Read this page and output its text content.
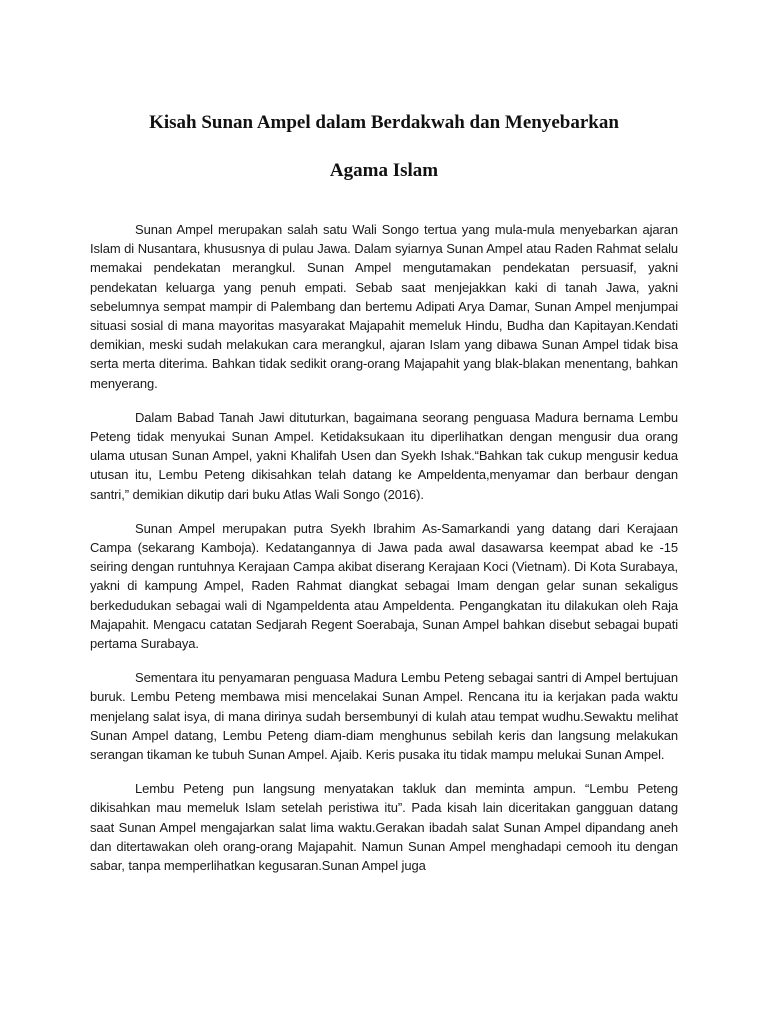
Kisah Sunan Ampel dalam Berdakwah dan Menyebarkan
Agama Islam

Sunan Ampel merupakan salah satu Wali Songo tertua yang mula-mula menyebarkan ajaran Islam di Nusantara, khususnya di pulau Jawa. Dalam syiarnya Sunan Ampel atau Raden Rahmat selalu memakai pendekatan merangkul. Sunan Ampel mengutamakan pendekatan persuasif, yakni pendekatan keluarga yang penuh empati. Sebab saat menjejakkan kaki di tanah Jawa, yakni sebelumnya sempat mampir di Palembang dan bertemu Adipati Arya Damar, Sunan Ampel menjumpai situasi sosial di mana mayoritas masyarakat Majapahit memeluk Hindu, Budha dan Kapitayan.Kendati demikian, meski sudah melakukan cara merangkul, ajaran Islam yang dibawa Sunan Ampel tidak bisa serta merta diterima. Bahkan tidak sedikit orang-orang Majapahit yang blak-blakan menentang, bahkan menyerang.

Dalam Babad Tanah Jawi dituturkan, bagaimana seorang penguasa Madura bernama Lembu Peteng tidak menyukai Sunan Ampel. Ketidaksukaan itu diperlihatkan dengan mengusir dua orang ulama utusan Sunan Ampel, yakni Khalifah Usen dan Syekh Ishak.“Bahkan tak cukup mengusir kedua utusan itu, Lembu Peteng dikisahkan telah datang ke Ampeldenta,menyamar dan berbaur dengan santri,” demikian dikutip dari buku Atlas Wali Songo (2016).

Sunan Ampel merupakan putra Syekh Ibrahim As-Samarkandi yang datang dari Kerajaan Campa (sekarang Kamboja). Kedatangannya di Jawa pada awal dasawarsa keempat abad ke -15 seiring dengan runtuhnya Kerajaan Campa akibat diserang Kerajaan Koci (Vietnam). Di Kota Surabaya, yakni di kampung Ampel, Raden Rahmat diangkat sebagai Imam dengan gelar sunan sekaligus berkedudukan sebagai wali di Ngampeldenta atau Ampeldenta. Pengangkatan itu dilakukan oleh Raja Majapahit. Mengacu catatan Sedjarah Regent Soerabaja, Sunan Ampel bahkan disebut sebagai bupati pertama Surabaya.

Sementara itu penyamaran penguasa Madura Lembu Peteng sebagai santri di Ampel bertujuan buruk. Lembu Peteng membawa misi mencelakai Sunan Ampel. Rencana itu ia kerjakan pada waktu menjelang salat isya, di mana dirinya sudah bersembunyi di kulah atau tempat wudhu.Sewaktu melihat Sunan Ampel datang, Lembu Peteng diam-diam menghunus sebilah keris dan langsung melakukan serangan tikaman ke tubuh Sunan Ampel. Ajaib. Keris pusaka itu tidak mampu melukai Sunan Ampel.

Lembu Peteng pun langsung menyatakan takluk dan meminta ampun. “Lembu Peteng dikisahkan mau memeluk Islam setelah peristiwa itu”. Pada kisah lain diceritakan gangguan datang saat Sunan Ampel mengajarkan salat lima waktu.Gerakan ibadah salat Sunan Ampel dipandang aneh dan ditertawakan oleh orang-orang Majapahit. Namun Sunan Ampel menghadapi cemooh itu dengan sabar, tanpa memperlihatkan kegusaran.Sunan Ampel juga
